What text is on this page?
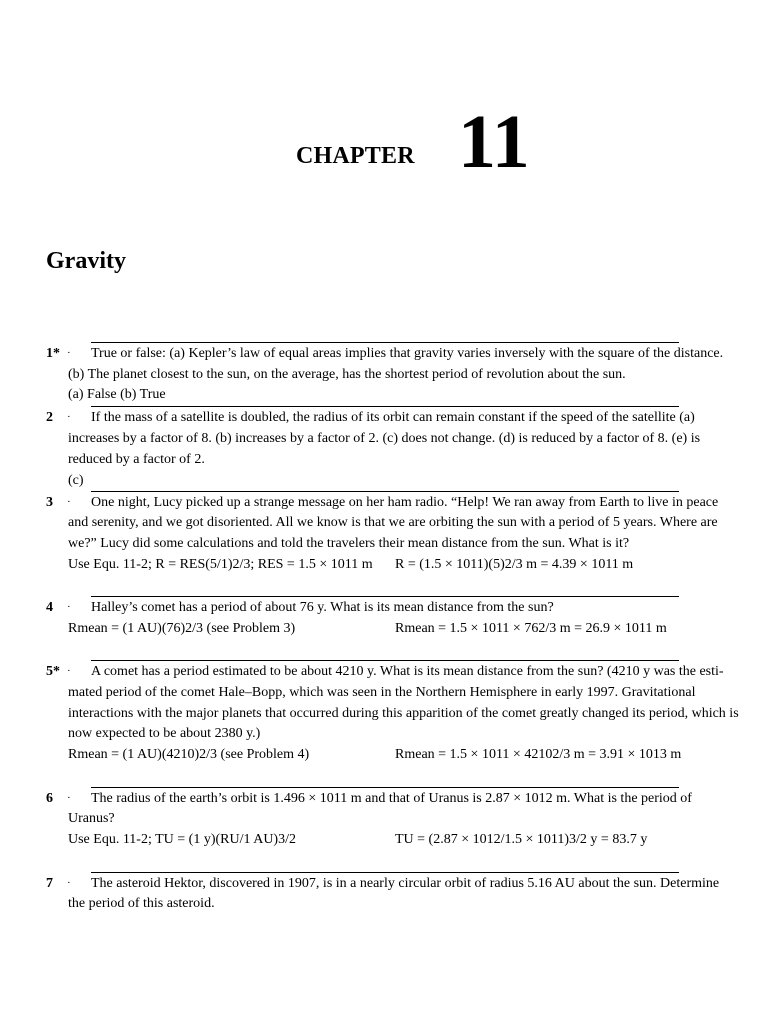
CHAPTER 11
Gravity
1* · True or false: (a) Kepler’s law of equal areas implies that gravity varies inversely with the square of the distance.
(b) The planet closest to the sun, on the average, has the shortest period of revolution about the sun.
(a) False (b) True
2 · If the mass of a satellite is doubled, the radius of its orbit can remain constant if the speed of the satellite (a)
increases by a factor of 8. (b) increases by a factor of 2. (c) does not change. (d) is reduced by a factor of 8. (e) is
reduced by a factor of 2.
(c)
3 · One night, Lucy picked up a strange message on her ham radio. “Help! We ran away from Earth to live in peace
and serenity, and we got disoriented. All we know is that we are orbiting the sun with a period of 5 years. Where are
we?” Lucy did some calculations and told the travelers their mean distance from the sun. What is it?
Use Equ. 11-2; R = RES(5/1)2/3; RES = 1.5 × 1011 m R = (1.5 × 1011)(5)2/3 m = 4.39 × 1011 m
4 · Halley’s comet has a period of about 76 y. What is its mean distance from the sun?
Rmean = (1 AU)(76)2/3 (see Problem 3)	Rmean = 1.5 × 1011 × 762/3 m = 26.9 × 1011 m
5* · A comet has a period estimated to be about 4210 y. What is its mean distance from the sun? (4210 y was the esti-
mated period of the comet Hale–Bopp, which was seen in the Northern Hemisphere in early 1997. Gravitational
interactions with the major planets that occurred during this apparition of the comet greatly changed its period, which is
now expected to be about 2380 y.)
Rmean = (1 AU)(4210)2/3 (see Problem 4)	Rmean = 1.5 × 1011 × 42102/3 m = 3.91 × 1013 m
6 · The radius of the earth’s orbit is 1.496 × 1011 m and that of Uranus is 2.87 × 1012 m. What is the period of
Uranus?
Use Equ. 11-2; TU = (1 y)(RU/1 AU)3/2	TU = (2.87 × 1012/1.5 × 1011)3/2 y = 83.7 y
7 · The asteroid Hektor, discovered in 1907, is in a nearly circular orbit of radius 5.16 AU about the sun. Determine
the period of this asteroid.
